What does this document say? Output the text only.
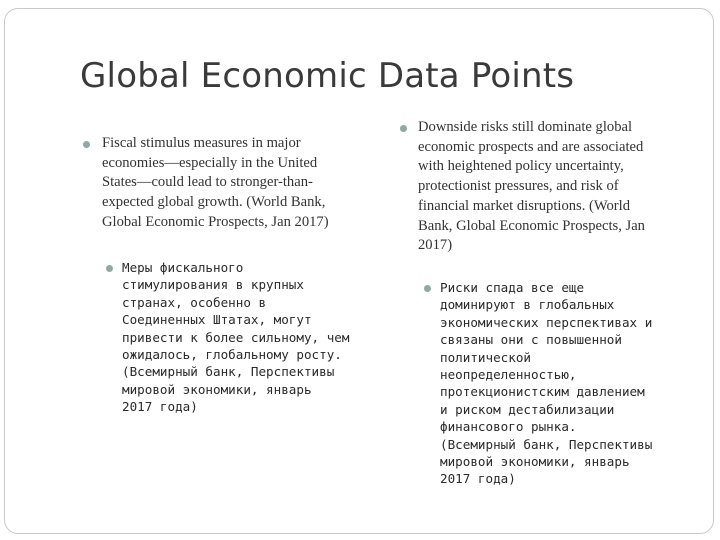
Global Economic Data Points
Fiscal stimulus measures in major
economies—especially in the United
States—could lead to stronger-than-
expected global growth. (World Bank,
Global Economic Prospects, Jan 2017)
Меры фискального
стимулирования в крупных
странах, особенно в
Соединенных Штатах, могут
привести к более сильному, чем
ожидалось, глобальному росту.
(Всемирный банк, Перспективы
мировой экономики, январь
2017 года)
Downside risks still dominate global
economic prospects and are associated
with heightened policy uncertainty,
protectionist pressures, and risk of
financial market disruptions. (World
Bank, Global Economic Prospects, Jan
2017)
Риски спада все еще
доминируют в глобальных
экономических перспективах и
связаны они с повышенной
политической
неопределенностью,
протекционистским давлением
и риском дестабилизации
финансового рынка.
(Всемирный банк, Перспективы
мировой экономики, январь
2017 года)
